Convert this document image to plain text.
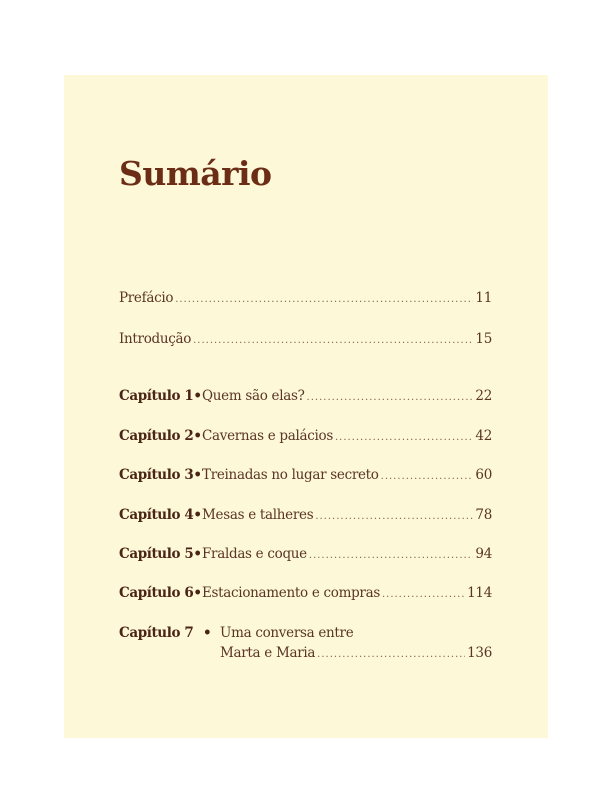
Sumário
Prefácio .....	11
Introdução .....	15
Capítulo 1 • Quem são elas? .....	22
Capítulo 2 • Cavernas e palácios .....	42
Capítulo 3 • Treinadas no lugar secreto .....	60
Capítulo 4 • Mesas e talheres .....	78
Capítulo 5 • Fraldas e coque .....	94
Capítulo 6 • Estacionamento e compras .....	114
Capítulo 7 • Uma conversa entre
Marta e Maria .....	136
